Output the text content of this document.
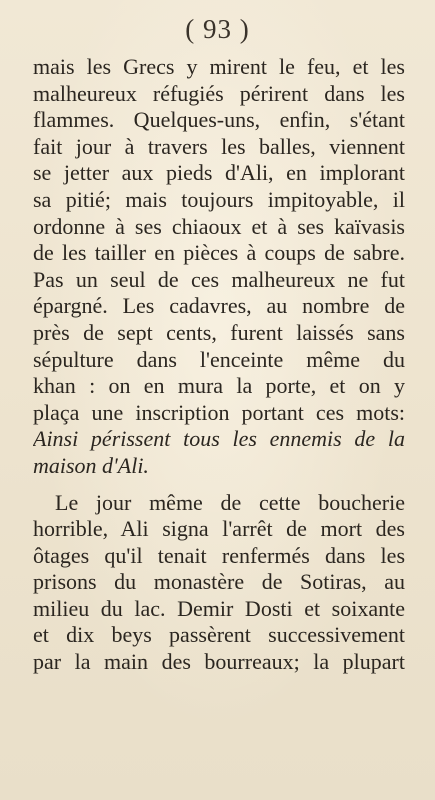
( 93 )
mais les Grecs y mirent le feu, et les
malheureux réfugiés périrent dans les
flammes. Quelques-uns, enfin, s'étant
fait jour à travers les balles, viennent
se jetter aux pieds d'Ali, en implorant
sa pitié; mais toujours impitoyable, il
ordonne à ses chiaoux et à ses kaïvasis
de les tailler en pièces à coups de sabre.
Pas un seul de ces malheureux ne fut
épargné. Les cadavres, au nombre de
près de sept cents, furent laissés sans
sépulture dans l'enceinte même du
khan : on en mura la porte, et on y
plaça une inscription portant ces mots:
Ainsi périssent tous les ennemis de la
maison d'Ali.
Le jour même de cette boucherie
horrible, Ali signa l'arrêt de mort des
ôtages qu'il tenait renfermés dans les
prisons du monastère de Sotiras, au
milieu du lac. Demir Dosti et soixante
et dix beys passèrent successivement
par la main des bourreaux; la plupart
